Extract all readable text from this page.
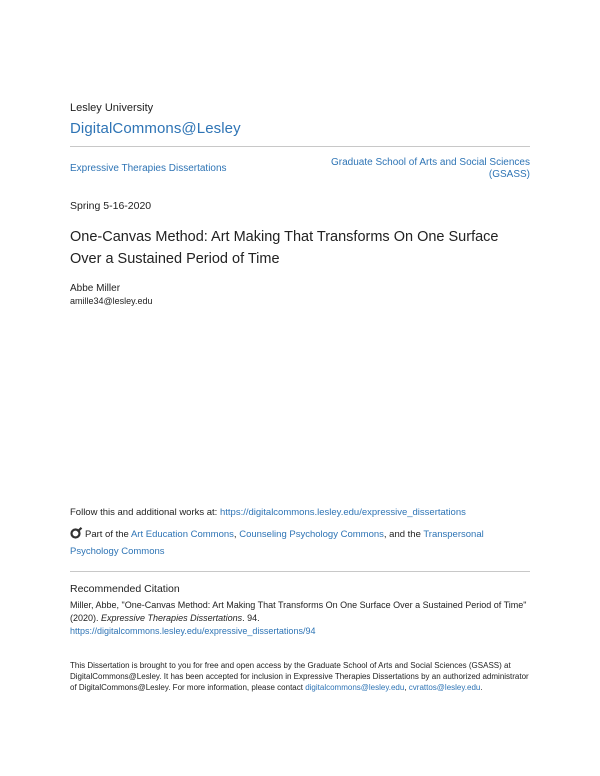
Lesley University
DigitalCommons@Lesley
Expressive Therapies Dissertations
Graduate School of Arts and Social Sciences
(GSASS)
Spring 5-16-2020
One-Canvas Method: Art Making That Transforms On One Surface
Over a Sustained Period of Time
Abbe Miller
amille34@lesley.edu
Follow this and additional works at: https://digitalcommons.lesley.edu/expressive_dissertations
Part of the Art Education Commons, Counseling Psychology Commons, and the Transpersonal Psychology Commons
Recommended Citation
Miller, Abbe, "One-Canvas Method: Art Making That Transforms On One Surface Over a Sustained Period of Time" (2020). Expressive Therapies Dissertations. 94.
https://digitalcommons.lesley.edu/expressive_dissertations/94
This Dissertation is brought to you for free and open access by the Graduate School of Arts and Social Sciences (GSASS) at DigitalCommons@Lesley. It has been accepted for inclusion in Expressive Therapies Dissertations by an authorized administrator of DigitalCommons@Lesley. For more information, please contact digitalcommons@lesley.edu, cvrattos@lesley.edu.
